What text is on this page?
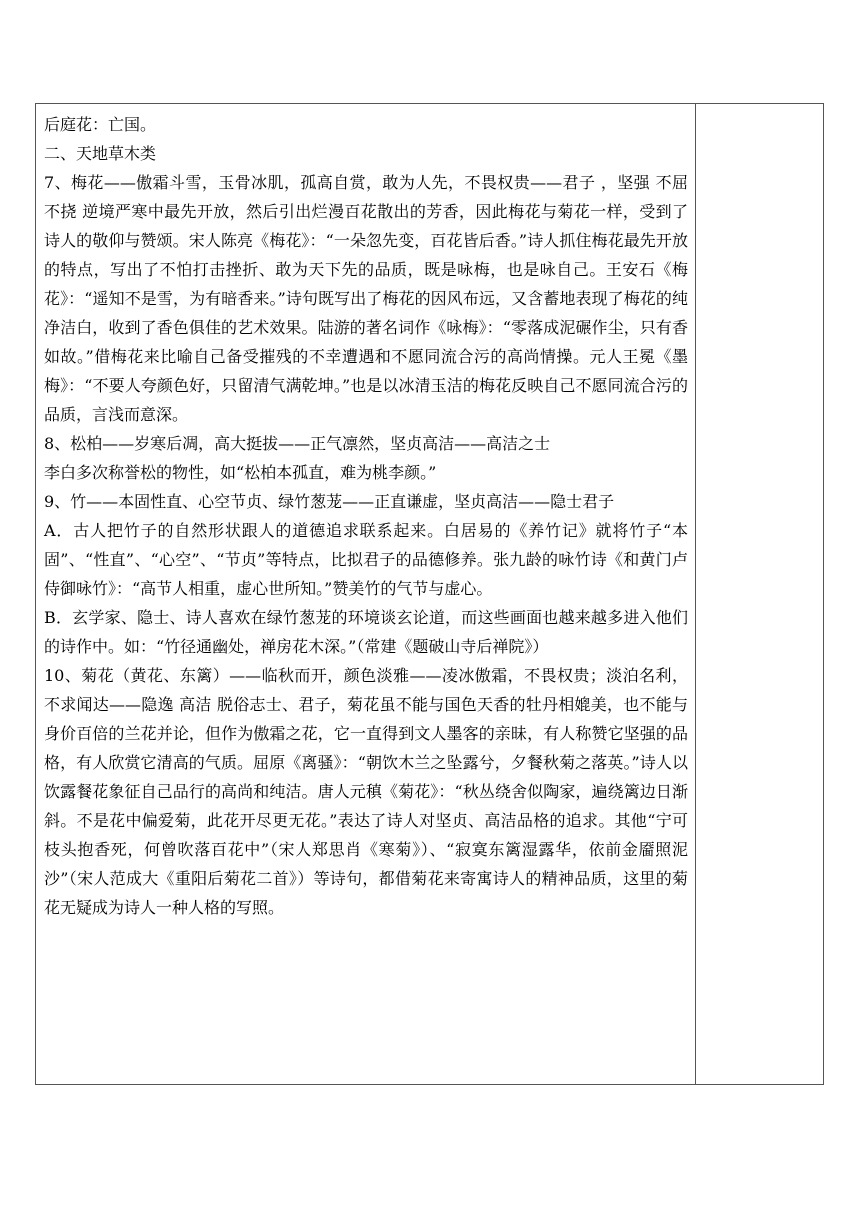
后庭花：亡国。

二、天地草木类

7、梅花——傲霜斗雪，玉骨冰肌，孤高自赏，敢为人先，不畏权贵——君子 ，坚强 不屈不挠 逆境严寒中最先开放，然后引出烂漫百花散出的芳香，因此梅花与菊花一样，受到了诗人的敬仰与赞颂。宋人陈亮《梅花》：“一朵忽先变，百花皆后香。”诗人抓住梅花最先开放的特点，写出了不怕打击挫折、敢为天下先的品质，既是咏梅，也是咏自己。王安石《梅花》：“遥知不是雪，为有暗香来。”诗句既写出了梅花的因风布远，又含蓄地表现了梅花的纯净洁白，收到了香色俱佳的艺术效果。陆游的著名词作《咏梅》：“零落成泥碾作尘，只有香如故。”借梅花来比喻自己备受摧残的不幸遭遇和不愿同流合污的高尚情操。元人王冕《墨梅》：“不要人夸颜色好，只留清气满乾坤。”也是以冰清玉洁的梅花反映自己不愿同流合污的品质，言浅而意深。

8、松柏——岁寒后凋，高大挺拔——正气凛然，坚贞高洁——高洁之士

李白多次称誉松的物性，如“松柏本孤直，难为桃李颜。”

9、竹——本固性直、心空节贞、绿竹葱茏——正直谦虚，坚贞高洁——隐士君子

A．古人把竹子的自然形状跟人的道德追求联系起来。白居易的《养竹记》就将竹子“本固”、“性直”、“心空”、“节贞”等特点，比拟君子的品德修养。张九龄的咏竹诗《和黄门卢侍御咏竹》：“高节人相重，虚心世所知。”赞美竹的气节与虚心。

B．玄学家、隐士、诗人喜欢在绿竹葱茏的环境谈玄论道，而这些画面也越来越多进入他们的诗作中。如：“竹径通幽处，禅房花木深。”（常建《题破山寺后禅院》）

10、菊花（黄花、东篱）——临秋而开，颜色淡雅——凌冰傲霜，不畏权贵；淡泊名利，不求闻达——隐逸 高洁 脱俗志士、君子，菊花虽不能与国色天香的牡丹相媲美，也不能与身价百倍的兰花并论，但作为傲霜之花，它一直得到文人墨客的亲昧，有人称赞它坚强的品格，有人欣赏它清高的气质。屈原《离骚》：“朝饮木兰之坠露兮，夕餐秋菊之落英。”诗人以饮露餐花象征自己品行的高尚和纯洁。唐人元稹《菊花》：“秋丛绕舍似陶家，遍绕篱边日渐斜。不是花中偏爱菊，此花开尽更无花。”表达了诗人对坚贞、高洁品格的追求。其他“宁可枝头抱香死，何曾吹落百花中”（宋人郑思肖《寒菊》）、“寂寞东篱湿露华，依前金靥照泥沙”（宋人范成大《重阳后菊花二首》）等诗句，都借菊花来寄寓诗人的精神品质，这里的菊花无疑成为诗人一种人格的写照。
